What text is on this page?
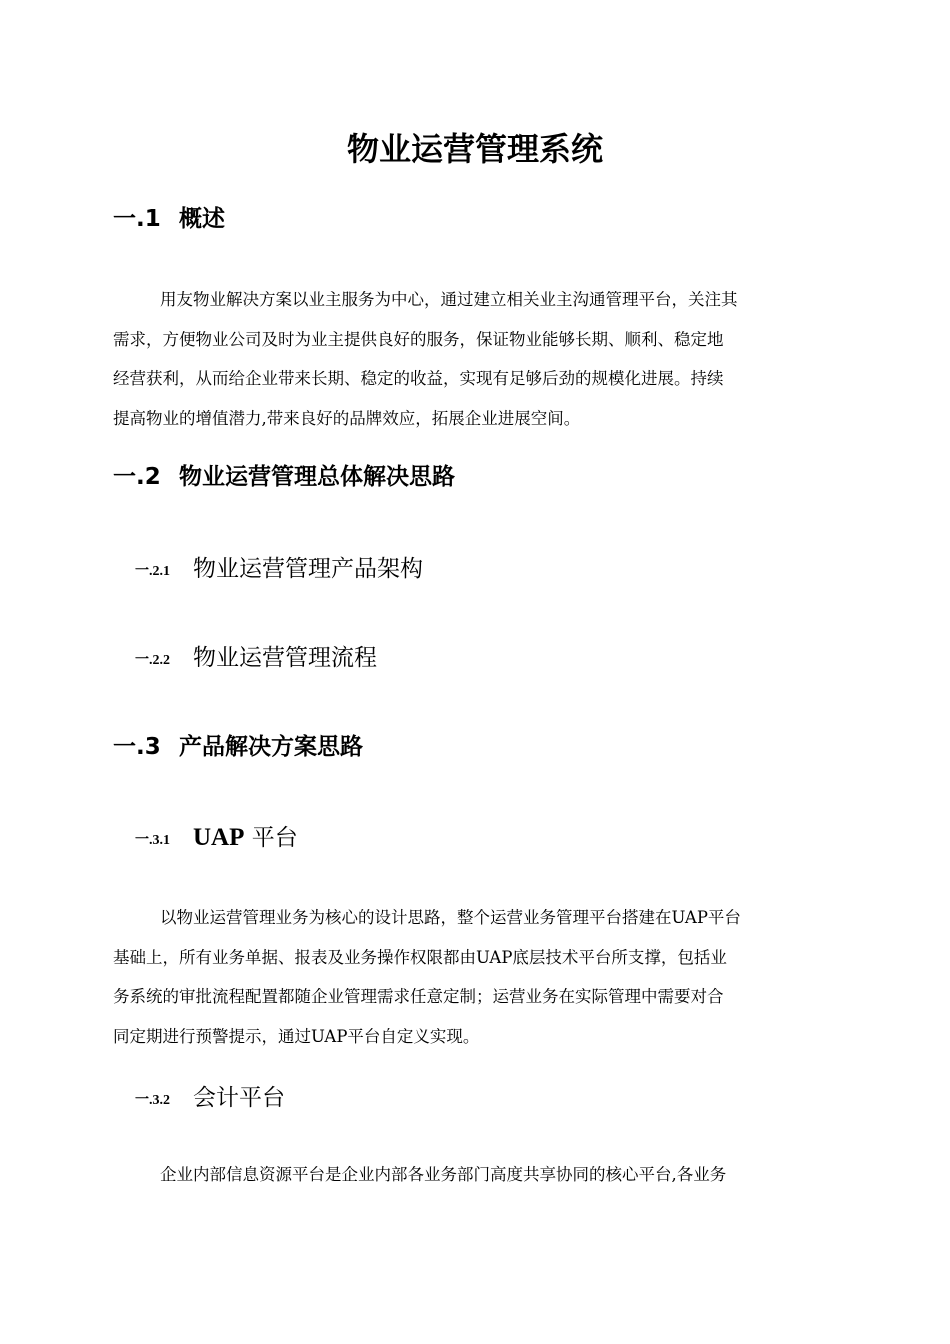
物业运营管理系统
一.1 概述
用友物业解决方案以业主服务为中心，通过建立相关业主沟通管理平台，关注其
需求，方便物业公司及时为业主提供良好的服务，保证物业能够长期、顺利、稳定地
经营获利，从而给企业带来长期、稳定的收益，实现有足够后劲的规模化进展。持续
提高物业的增值潜力,带来良好的品牌效应，拓展企业进展空间。
一.2 物业运营管理总体解决思路
一.2.1 物业运营管理产品架构
一.2.2 物业运营管理流程
一.3 产品解决方案思路
一.3.1 UAP 平台
以物业运营管理业务为核心的设计思路，整个运营业务管理平台搭建在UAP平台
基础上，所有业务单据、报表及业务操作权限都由UAP底层技术平台所支撑，包括业
务系统的审批流程配置都随企业管理需求任意定制；运营业务在实际管理中需要对合
同定期进行预警提示，通过UAP平台自定义实现。
一.3.2 会计平台
企业内部信息资源平台是企业内部各业务部门高度共享协同的核心平台,各业务
